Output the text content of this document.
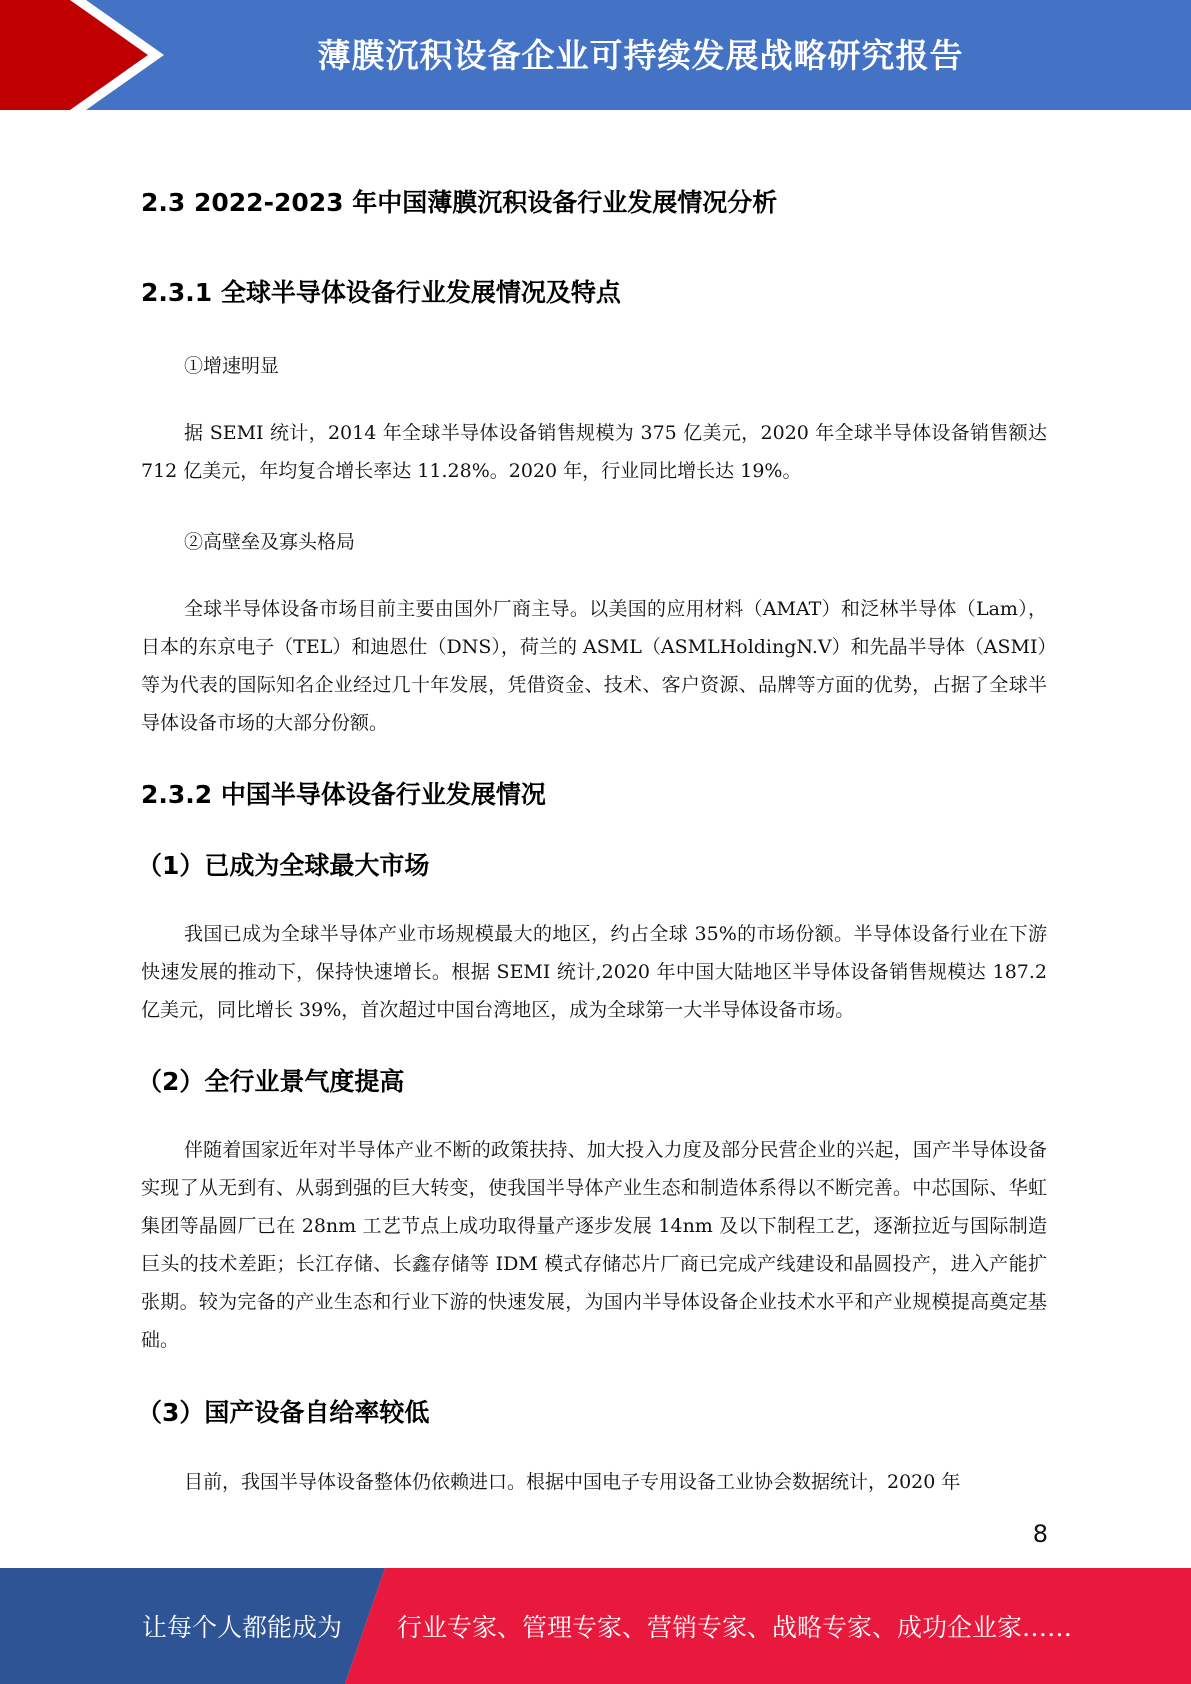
薄膜沉积设备企业可持续发展战略研究报告
2.3 2022-2023 年中国薄膜沉积设备行业发展情况分析
2.3.1 全球半导体设备行业发展情况及特点
①增速明显

据 SEMI 统计，2014 年全球半导体设备销售规模为 375 亿美元，2020 年全球半导体设备销售额达 712 亿美元，年均复合增长率达 11.28%。2020 年，行业同比增长达 19%。

②高壁垒及寡头格局

全球半导体设备市场目前主要由国外厂商主导。以美国的应用材料（AMAT）和泛林半导体（Lam），日本的东京电子（TEL）和迪恩仕（DNS），荷兰的 ASML（ASMLHoldingN.V）和先晶半导体（ASMI）等为代表的国际知名企业经过几十年发展，凭借资金、技术、客户资源、品牌等方面的优势，占据了全球半导体设备市场的大部分份额。

2.3.2 中国半导体设备行业发展情况
（1）已成为全球最大市场

我国已成为全球半导体产业市场规模最大的地区，约占全球 35%的市场份额。半导体设备行业在下游快速发展的推动下，保持快速增长。根据 SEMI 统计,2020 年中国大陆地区半导体设备销售规模达 187.2 亿美元，同比增长 39%，首次超过中国台湾地区，成为全球第一大半导体设备市场。

（2）全行业景气度提高

伴随着国家近年对半导体产业不断的政策扶持、加大投入力度及部分民营企业的兴起，国产半导体设备实现了从无到有、从弱到强的巨大转变，使我国半导体产业生态和制造体系得以不断完善。中芯国际、华虹集团等晶圆厂已在 28nm 工艺节点上成功取得量产逐步发展 14nm 及以下制程工艺，逐渐拉近与国际制造巨头的技术差距；长江存储、长鑫存储等 IDM 模式存储芯片厂商已完成产线建设和晶圆投产，进入产能扩张期。较为完备的产业生态和行业下游的快速发展，为国内半导体设备企业技术水平和产业规模提高奠定基础。

（3）国产设备自给率较低

目前，我国半导体设备整体仍依赖进口。根据中国电子专用设备工业协会数据统计，2020 年

8
让每个人都能成为 行业专家、管理专家、营销专家、战略专家、成功企业家……
